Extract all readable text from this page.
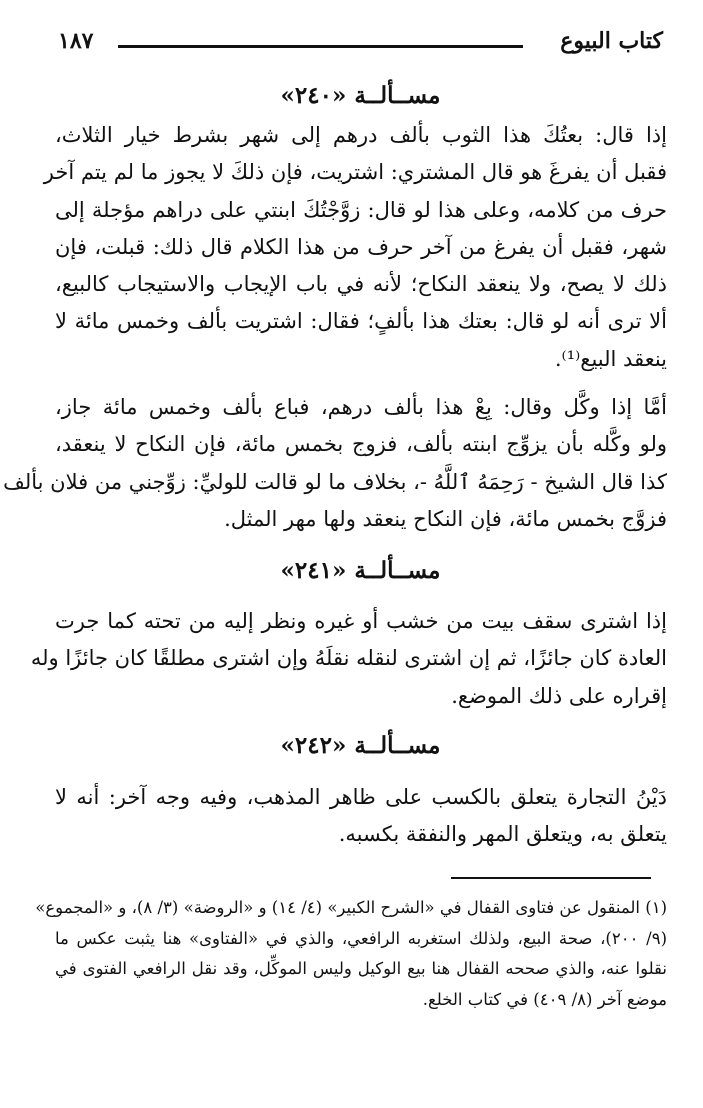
كتاب البيوع
١٨٧
مســألــة «٢٤٠»
إذا قال: بعتُكَ هذا الثوب بألف درهم إلى شهر بشرط خيار الثلاث،
فقبل أن يفرغَ هو قال المشتري: اشتريت، فإن ذلكَ لا يجوز ما لم يتم آخر
حرف من كلامه، وعلى هذا لو قال: زوَّجْتُكَ ابنتي على دراهم مؤجلة إلى
شهر، فقبل أن يفرغ من آخر حرف من هذا الكلام قال ذلك: قبلت، فإن
ذلك لا يصح، ولا ينعقد النكاح؛ لأنه في باب الإيجاب والاستيجاب كالبيع،
ألا ترى أنه لو قال: بعتك هذا بألفٍ؛ فقال: اشتريت بألف وخمس مائة لا
ينعقد البيع⁽¹⁾.
أمَّا إذا وكَّل وقال: بِعْ هذا بألف درهم، فباع بألف وخمس مائة جاز،
ولو وكَّله بأن يزوِّج ابنته بألف، فزوج بخمس مائة، فإن النكاح لا ينعقد،
كذا قال الشيخ - رَحِمَهُ ٱللَّهُ -، بخلاف ما لو قالت للوليِّ: زوِّجني من فلان بألف
فزوَّج بخمس مائة، فإن النكاح ينعقد ولها مهر المثل.
مســألــة «٢٤١»
إذا اشترى سقف بيت من خشب أو غيره ونظر إليه من تحته كما جرت
العادة كان جائزًا، ثم إن اشترى لنقله نقلَهُ وإن اشترى مطلقًا كان جائزًا وله
إقراره على ذلك الموضع.
مســألــة «٢٤٢»
دَيْنُ التجارة يتعلق بالكسب على ظاهر المذهب، وفيه وجه آخر: أنه لا
يتعلق به، ويتعلق المهر والنفقة بكسبه.
(١) المنقول عن فتاوى القفال في «الشرح الكبير» (٤/ ١٤) و «الروضة» (٣/ ٨)، و «المجموع»
(٩/ ٢٠٠)، صحة البيع، ولذلك استغربه الرافعي، والذي في «الفتاوى» هنا يثبت عكس ما
نقلوا عنه، والذي صححه القفال هنا بيع الوكيل وليس الموكِّل، وقد نقل الرافعي الفتوى في
موضع آخر (٨/ ٤٠٩) في كتاب الخلع.
